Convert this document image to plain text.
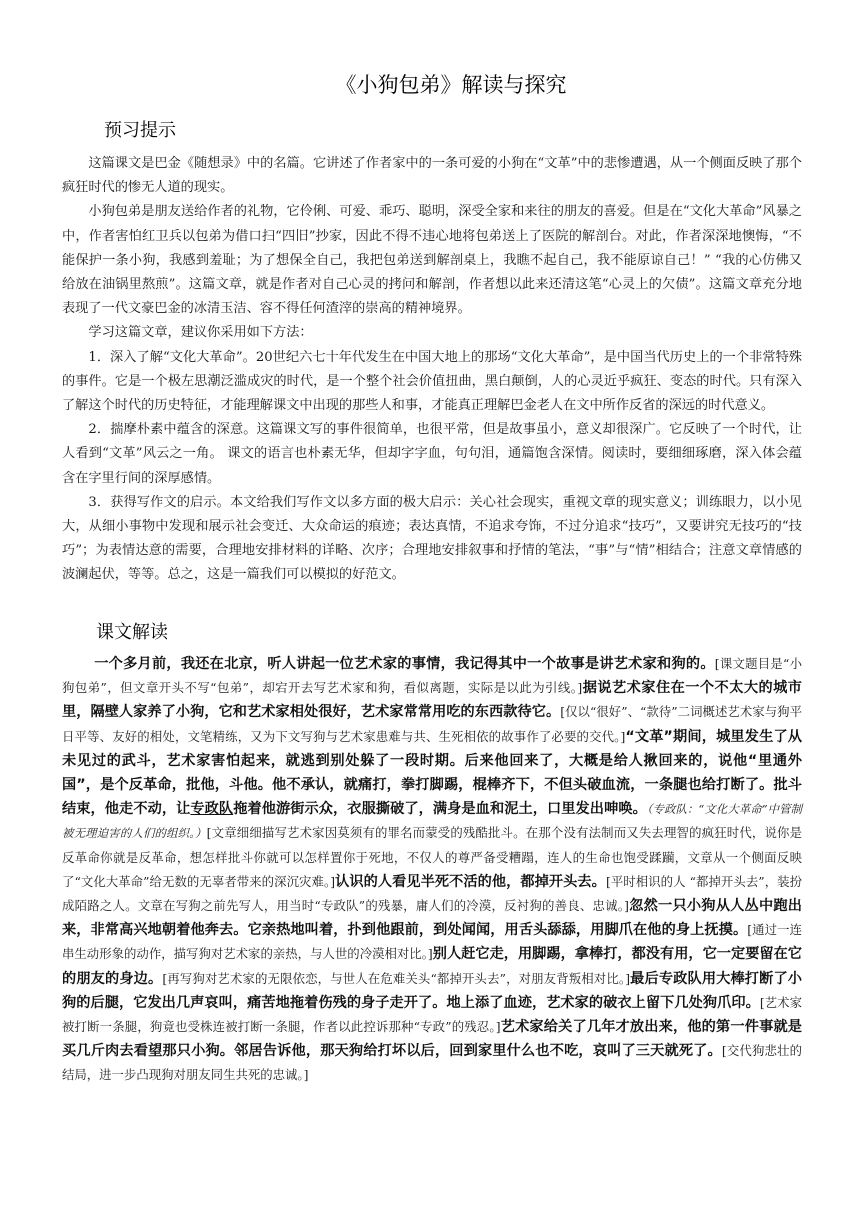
《小狗包弟》解读与探究
预习提示

这篇课文是巴金《随想录》中的名篇。它讲述了作者家中的一条可爱的小狗在“文革”中的悲惨遭遇，从一个侧面反映了那个疯狂时代的惨无人道的现实。

小狗包弟是朋友送给作者的礼物，它伶俐、可爱、乖巧、聪明，深受全家和来往的朋友的喜爱。但是在“文化大革命”风暴之中，作者害怕红卫兵以包弟为借口扫“四旧”抄家，因此不得不违心地将包弟送上了医院的解剖台。对此，作者深深地懊悔，“不能保护一条小狗，我感到羞耻；为了想保全自己，我把包弟送到解剖桌上，我瞧不起自己，我不能原谅自己！” “我的心仿佛又给放在油锅里熬煎”。这篇文章，就是作者对自己心灵的拷问和解剖，作者想以此来还清这笔“心灵上的欠债”。这篇文章充分地表现了一代文豪巴金的冰清玉洁、容不得任何渣滓的崇高的精神境界。

学习这篇文章，建议你采用如下方法：

1．深入了解“文化大革命”。20世纪六七十年代发生在中国大地上的那场“文化大革命”，是中国当代历史上的一个非常特殊的事件。它是一个极左思潮泛滥成灾的时代，是一个整个社会价值扭曲，黑白颠倒，人的心灵近乎疯狂、变态的时代。只有深入了解这个时代的历史特征，才能理解课文中出现的那些人和事，才能真正理解巴金老人在文中所作反省的深远的时代意义。

2．揣摩朴素中蕴含的深意。这篇课文写的事件很简单，也很平常，但是故事虽小，意义却很深广。它反映了一个时代，让人看到“文革”风云之一角。 课文的语言也朴素无华，但却字字血，句句泪，通篇饱含深情。阅读时，要细细琢磨，深入体会蕴含在字里行间的深厚感情。

3．获得写作文的启示。本文给我们写作文以多方面的极大启示：关心社会现实，重视文章的现实意义；训练眼力，以小见大，从细小事物中发现和展示社会变迁、大众命运的痕迹；表达真情，不追求夸饰，不过分追求“技巧”，又要讲究无技巧的“技巧”；为表情达意的需要，合理地安排材料的详略、次序；合理地安排叙事和抒情的笔法，“事”与“情”相结合；注意文章情感的波澜起伏，等等。总之，这是一篇我们可以模拟的好范文。

课文解读

一个多月前，我还在北京，听人讲起一位艺术家的事情，我记得其中一个故事是讲艺术家和狗的。[课文题目是“小狗包弟”，但文章开头不写“包弟”，却宕开去写艺术家和狗，看似离题，实际是以此为引线。]据说艺术家住在一个不太大的城市里，隔壁人家养了小狗，它和艺术家相处很好，艺术家常常用吃的东西款待它。[仅以“很好”、“款待”二词概述艺术家与狗平日平等、友好的相处，文笔精练，又为下文写狗与艺术家患难与共、生死相依的故事作了必要的交代。]“文革”期间，城里发生了从未见过的武斗，艺术家害怕起来，就逃到别处躲了一段时期。后来他回来了，大概是给人揪回来的，说他“里通外国”，是个反革命，批他，斗他。他不承认，就痛打，拳打脚踢，棍棒齐下，不但头破血流，一条腿也给打断了。批斗结束，他走不动，让专政队拖着他游街示众，衣服撕破了，满身是血和泥土，口里发出呻唤。（专政队：“文化大革命”中管制被无理迫害的人们的组织。）[文章细细描写艺术家因莫须有的罪名而蒙受的残酷批斗。在那个没有法制而又失去理智的疯狂时代，说你是反革命你就是反革命，想怎样批斗你就可以怎样置你于死地，不仅人的尊严备受糟蹋，连人的生命也饱受蹂躏，文章从一个侧面反映了“文化大革命”给无数的无辜者带来的深沉灾难。]认识的人看见半死不活的他，都掉开头去。[平时相识的人 “都掉开头去”，装扮成陌路之人。文章在写狗之前先写人，用当时“专政队”的残暴，庸人们的冷漠，反衬狗的善良、忠诚。]忽然一只小狗从人丛中跑出来，非常高兴地朝着他奔去。它亲热地叫着，扑到他跟前，到处闻闻，用舌头舔舔，用脚爪在他的身上抚摸。[通过一连串生动形象的动作，描写狗对艺术家的亲热，与人世的冷漠相对比。]别人赶它走，用脚踢，拿棒打，都没有用，它一定要留在它的朋友的身边。[再写狗对艺术家的无限依恋，与世人在危难关头“都掉开头去”，对朋友背叛相对比。]最后专政队用大棒打断了小狗的后腿，它发出几声哀叫，痛苦地拖着伤残的身子走开了。地上添了血迹，艺术家的破衣上留下几处狗爪印。[艺术家被打断一条腿，狗竟也受株连被打断一条腿，作者以此控诉那种“专政”的残忍。]艺术家给关了几年才放出来，他的第一件事就是买几斤肉去看望那只小狗。邻居告诉他，那天狗给打坏以后，回到家里什么也不吃，哀叫了三天就死了。[交代狗悲壮的结局，进一步凸现狗对朋友同生共死的忠诚。]
